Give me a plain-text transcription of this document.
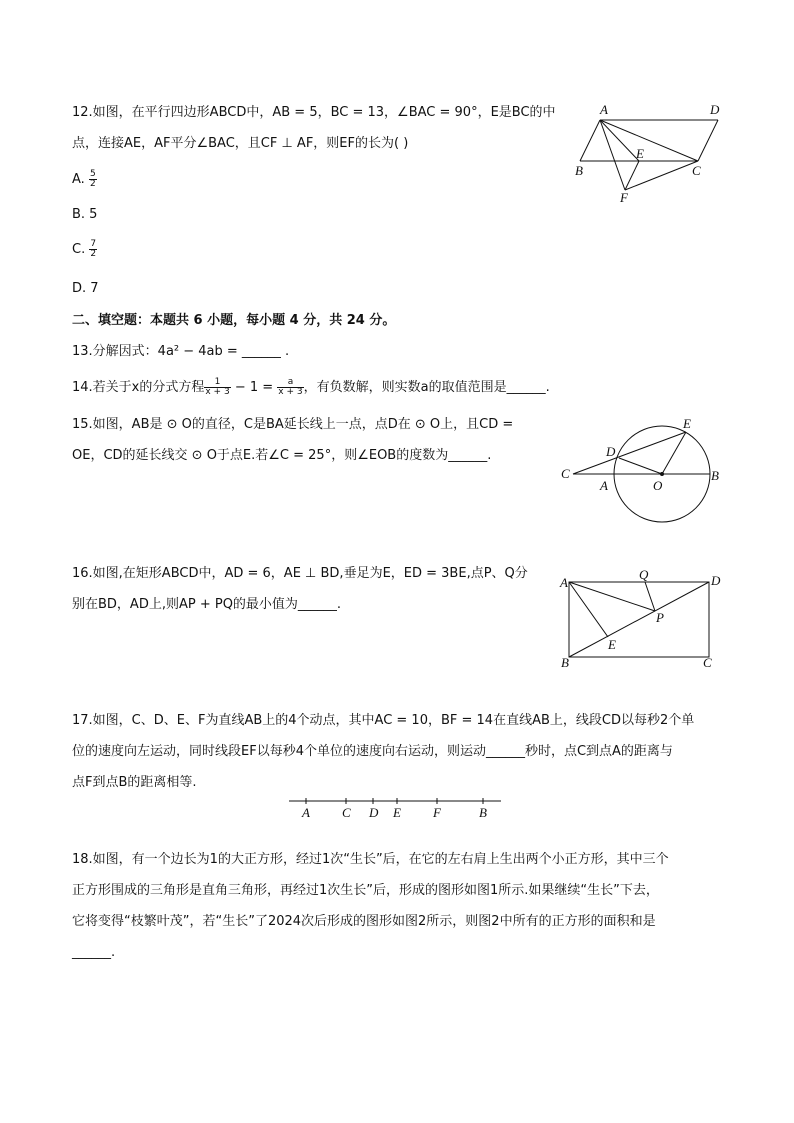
12.如图，在平行四边形ABCD中，AB = 5，BC = 13，∠BAC = 90°，E是BC的中
点，连接AE，AF平分∠BAC，且CF ⊥ AF，则EF的长为( )
A. $\frac{5}{2}$
B. 5
C. $\frac{7}{2}$
D. 7
A	D
B	C
E
F
二、填空题：本题共 6 小题，每小题 4 分，共 24 分。
13.分解因式：4a² − 4ab = ______ .
14.若关于x的分式方程 $\frac{1}{x + 3} - 1 = \frac{a}{x + 3}$ ，有负数解，则实数a的取值范围是______.
15.如图，AB是 ⊙ O的直径，C是BA延长线上一点，点D在 ⊙ O上，且CD =
OE，CD的延长线交 ⊙ O于点E.若∠C = 25°，则∠EOB的度数为______.
C
D
E
A	O
B
16.如图,在矩形ABCD中，AD = 6，AE ⊥ BD,垂足为E，ED = 3BE,点P、Q分
别在BD，AD上,则AP + PQ的最小值为______.
A
Q	D
P
E
B	C
17.如图，C、D、E、F为直线AB上的4个动点，其中AC = 10，BF = 14在直线AB上，线段CD以每秒2个单
位的速度向左运动，同时线段EF以每秒4个单位的速度向右运动，则运动______秒时，点C到点A的距离与
点F到点B的距离相等.
A C D E F	B
18.如图，有一个边长为1的大正方形，经过1次“生长”后，在它的左右肩上生出两个小正方形，其中三个
正方形围成的三角形是直角三角形，再经过1次生长”后，形成的图形如图1所示.如果继续“生长”下去，
它将变得“枝繁叶茂”，若“生长”了2024次后形成的图形如图2所示，则图2中所有的正方形的面积和是
______.
